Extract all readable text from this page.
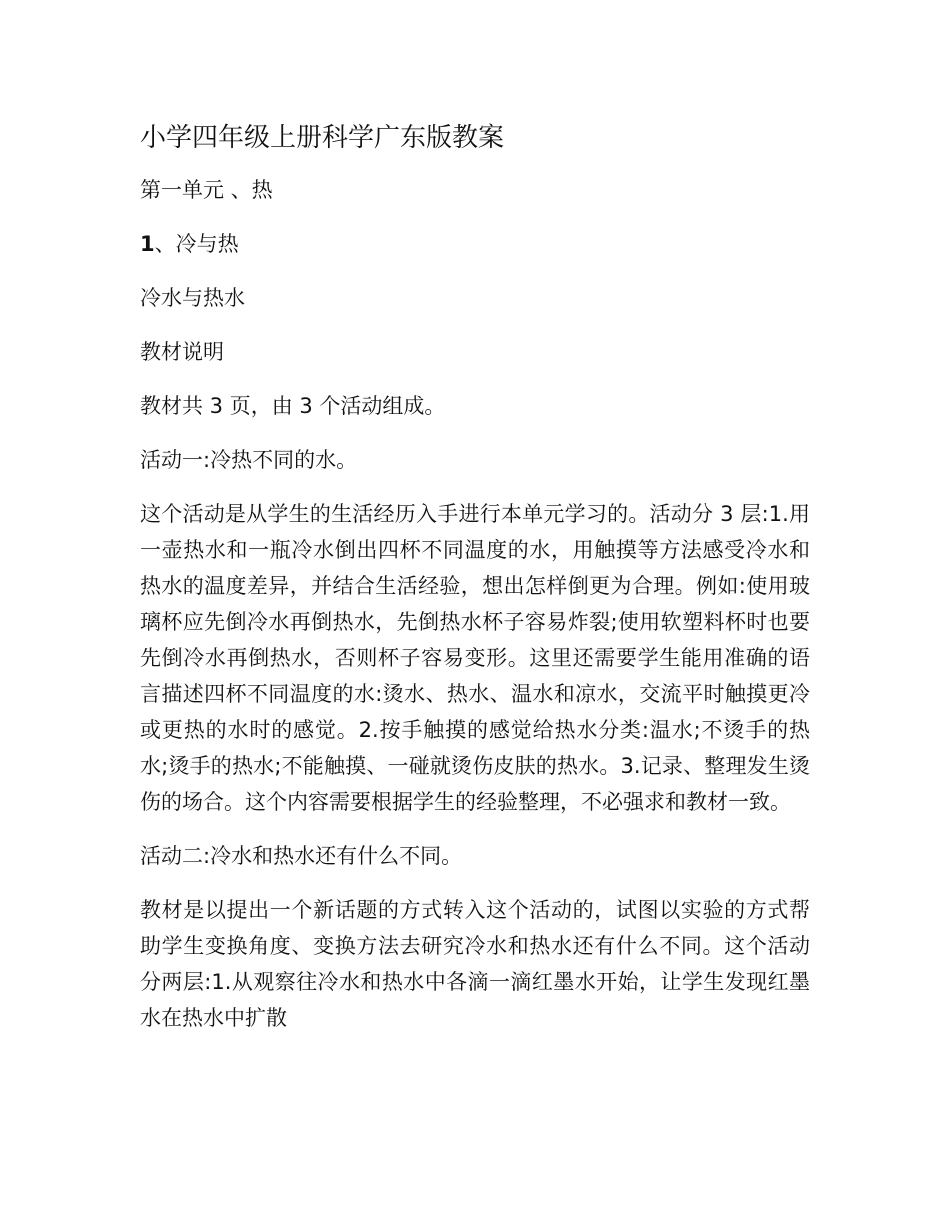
小学四年级上册科学广东版教案

第一单元 、热

1、冷与热

冷水与热水

教材说明

教材共 3 页，由 3 个活动组成。

活动一:冷热不同的水。

这个活动是从学生的生活经历入手进行本单元学习的。活动分 3 层:1.用一壶热水和一瓶冷水倒出四杯不同温度的水，用触摸等方法感受冷水和热水的温度差异，并结合生活经验，想出怎样倒更为合理。例如:使用玻璃杯应先倒冷水再倒热水，先倒热水杯子容易炸裂;使用软塑料杯时也要先倒冷水再倒热水，否则杯子容易变形。这里还需要学生能用准确的语言描述四杯不同温度的水:烫水、热水、温水和凉水，交流平时触摸更冷或更热的水时的感觉。2.按手触摸的感觉给热水分类:温水;不烫手的热水;烫手的热水;不能触摸、一碰就烫伤皮肤的热水。3.记录、整理发生烫伤的场合。这个内容需要根据学生的经验整理，不必强求和教材一致。

活动二:冷水和热水还有什么不同。

教材是以提出一个新话题的方式转入这个活动的，试图以实验的方式帮助学生变换角度、变换方法去研究冷水和热水还有什么不同。这个活动分两层:1.从观察往冷水和热水中各滴一滴红墨水开始，让学生发现红墨水在热水中扩散
